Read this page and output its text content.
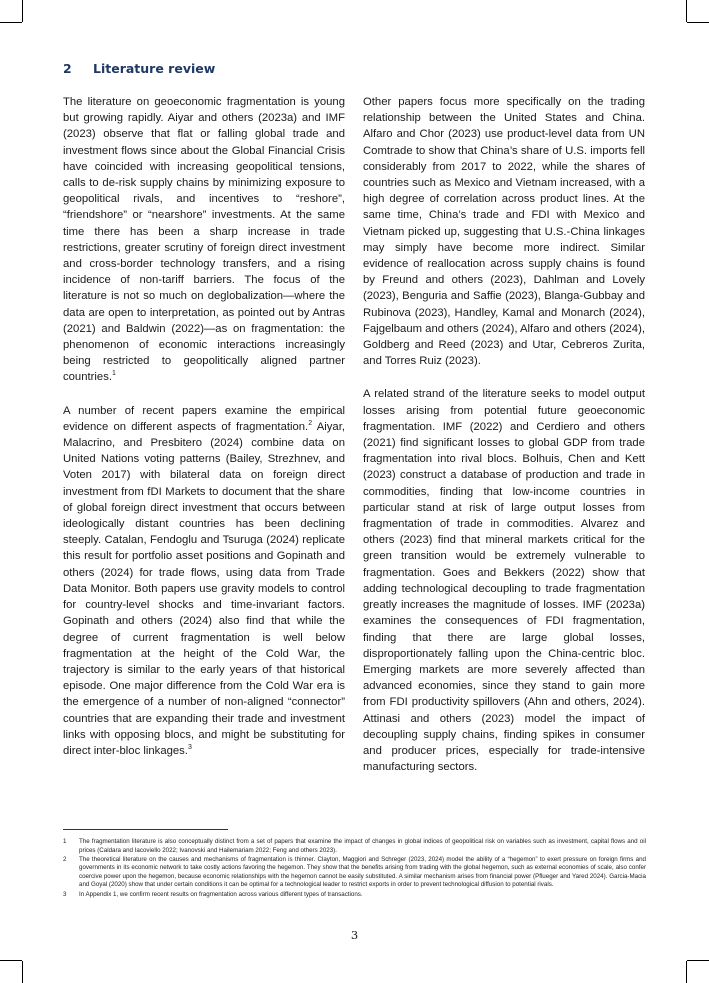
2 Literature review

The literature on geoeconomic fragmentation is young but growing rapidly. Aiyar and others (2023a) and IMF (2023) observe that flat or falling global trade and investment flows since about the Global Financial Crisis have coincided with increasing geopolitical tensions, calls to de-risk supply chains by minimizing exposure to geopolitical rivals, and incentives to “reshore”, “friendshore” or “nearshore” investments. At the same time there has been a sharp increase in trade restrictions, greater scrutiny of foreign direct investment and cross-border technology transfers, and a rising incidence of non-tariff barriers. The focus of the literature is not so much on deglobalization—where the data are open to interpretation, as pointed out by Antras (2021) and Baldwin (2022)—as on fragmentation: the phenomenon of economic interactions increasingly being restricted to geopolitically aligned partner countries.$^1$

A number of recent papers examine the empirical evidence on different aspects of fragmentation.$^2$ Aiyar, Malacrino, and Presbitero (2024) combine data on United Nations voting patterns (Bailey, Strezhnev, and Voten 2017) with bilateral data on foreign direct investment from fDI Markets to document that the share of global foreign direct investment that occurs between ideologically distant countries has been declining steeply. Catalan, Fendoglu and Tsuruga (2024) replicate this result for portfolio asset positions and Gopinath and others (2024) for trade flows, using data from Trade Data Monitor. Both papers use gravity models to control for country-level shocks and time-invariant factors. Gopinath and others (2024) also find that while the degree of current fragmentation is well below fragmentation at the height of the Cold War, the trajectory is similar to the early years of that historical episode. One major difference from the Cold War era is the emergence of a number of non-aligned “connector” countries that are expanding their trade and investment links with opposing blocs, and might be substituting for direct inter-bloc linkages.$^3$

Other papers focus more specifically on the trading relationship between the United States and China. Alfaro and Chor (2023) use product-level data from UN Comtrade to show that China’s share of U.S. imports fell considerably from 2017 to 2022, while the shares of countries such as Mexico and Vietnam increased, with a high degree of correlation across product lines. At the same time, China’s trade and FDI with Mexico and Vietnam picked up, suggesting that U.S.-China linkages may simply have become more indirect. Similar evidence of reallocation across supply chains is found by Freund and others (2023), Dahlman and Lovely (2023), Benguria and Saffie (2023), Blanga-Gubbay and Rubinova (2023), Handley, Kamal and Monarch (2024), Fajgelbaum and others (2024), Alfaro and others (2024), Goldberg and Reed (2023) and Utar, Cebreros Zurita, and Torres Ruiz (2023).

A related strand of the literature seeks to model output losses arising from potential future geoeconomic fragmentation. IMF (2022) and Cerdiero and others (2021) find significant losses to global GDP from trade fragmentation into rival blocs. Bolhuis, Chen and Kett (2023) construct a database of production and trade in commodities, finding that low-income countries in particular stand at risk of large output losses from fragmentation of trade in commodities. Alvarez and others (2023) find that mineral markets critical for the green transition would be extremely vulnerable to fragmentation. Goes and Bekkers (2022) show that adding technological decoupling to trade fragmentation greatly increases the magnitude of losses. IMF (2023a) examines the consequences of FDI fragmentation, finding that there are large global losses, disproportionately falling upon the China-centric bloc. Emerging markets are more severely affected than advanced economies, since they stand to gain more from FDI productivity spillovers (Ahn and others, 2024). Attinasi and others (2023) model the impact of decoupling supply chains, finding spikes in consumer and producer prices, especially for trade-intensive manufacturing sectors.

1	The fragmentation literature is also conceptually distinct from a set of papers that examine the impact of changes in global indices of geopolitical risk on variables such as investment, capital flows and oil prices (Caldara and Iacoviello 2022; Ivanovski and Hailemariam 2022; Feng and others 2023).
2	The theoretical literature on the causes and mechanisms of fragmentation is thinner. Clayton, Maggiori and Schreger (2023, 2024) model the ability of a “hegemon” to exert pressure on foreign firms and governments in its economic network to take costly actions favoring the hegemon. They show that the benefits arising from trading with the global hegemon, such as external economies of scale, also confer coercive power upon the hegemon, because economic relationships with the hegemon cannot be easily substituted. A similar mechanism arises from financial power (Pflueger and Yared 2024). Garcia-Macia and Goyal (2020) show that under certain conditions it can be optimal for a technological leader to restrict exports in order to prevent technological diffusion to potential rivals.
3	In Appendix 1, we confirm recent results on fragmentation across various different types of transactions.
3
